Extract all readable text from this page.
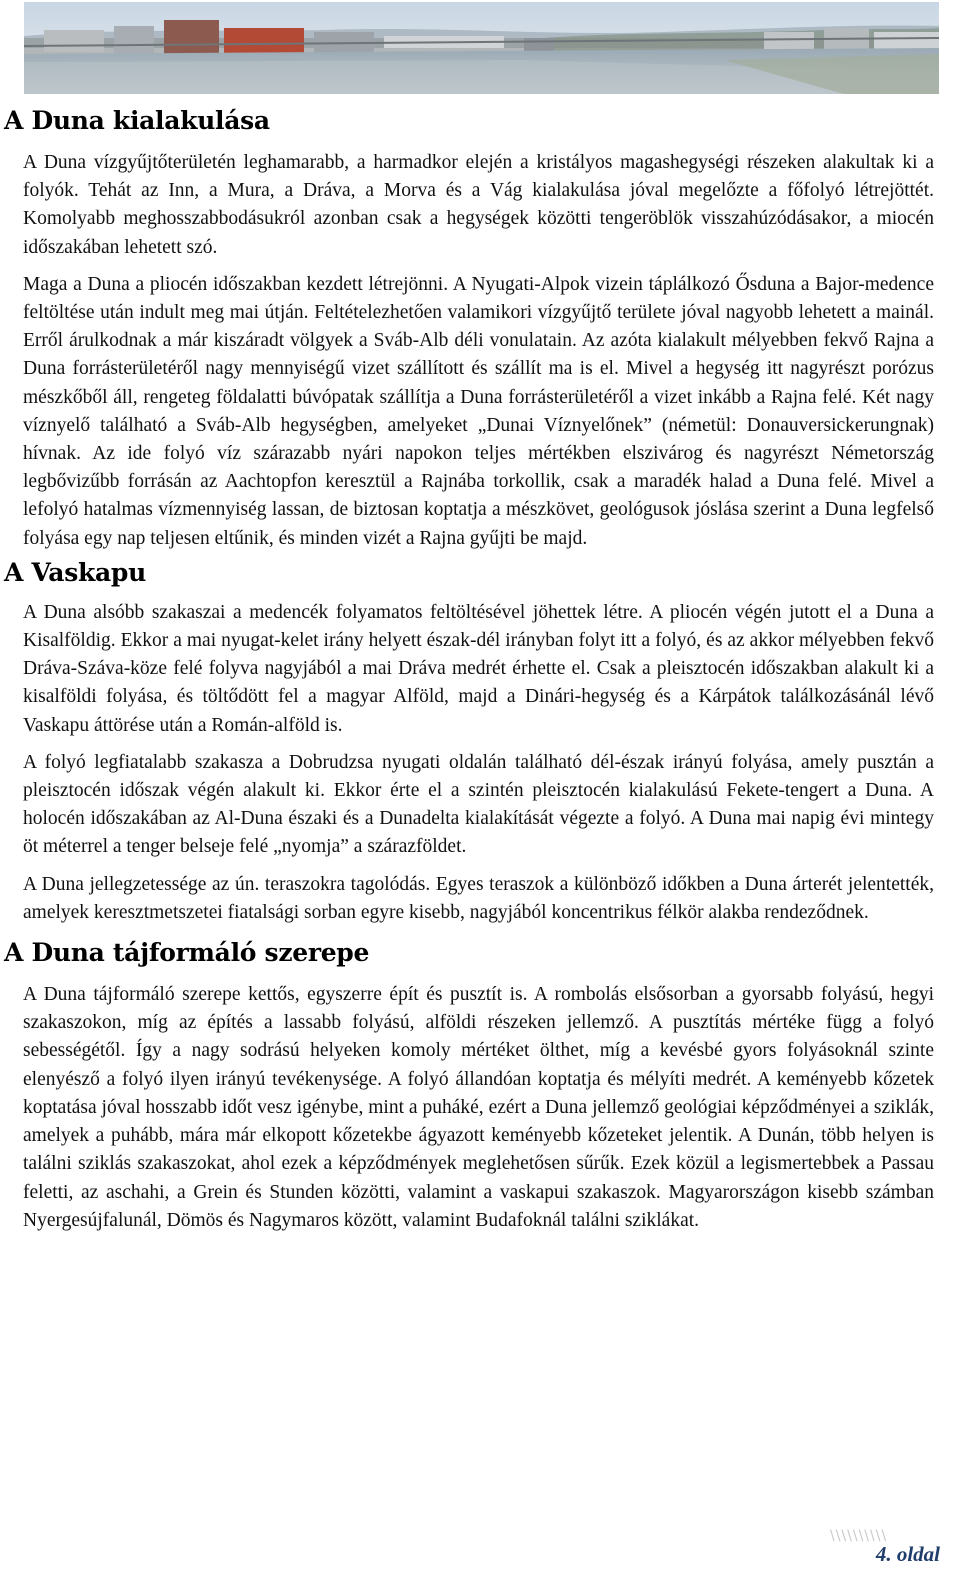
A Duna kialakulása

A Duna vízgyűjtőterületén leghamarabb, a harmadkor elején a kristályos magashegységi részeken alakultak ki a folyók. Tehát az Inn, a Mura, a Dráva, a Morva és a Vág kialakulása jóval megelőzte a főfolyó létrejöttét. Komolyabb meghosszabbodásukról azonban csak a hegységek közötti tengeröblök visszahúzódásakor, a miocén időszakában lehetett szó.

Maga a Duna a pliocén időszakban kezdett létrejönni. A Nyugati-Alpok vizein táplálkozó Ősduna a Bajor-medence feltöltése után indult meg mai útján. Feltételezhetően valamikori vízgyűjtő területe jóval nagyobb lehetett a mainál. Erről árulkodnak a már kiszáradt völgyek a Sváb-Alb déli vonulatain. Az azóta kialakult mélyebben fekvő Rajna a Duna forrásterületéről nagy mennyiségű vizet szállított és szállít ma is el. Mivel a hegység itt nagyrészt porózus mészkőből áll, rengeteg földalatti búvópatak szállítja a Duna forrásterületéről a vizet inkább a Rajna felé. Két nagy víznyelő található a Sváb-Alb hegységben, amelyeket „Dunai Víznyelőnek” (németül: Donauversickerungnak) hívnak. Az ide folyó víz szárazabb nyári napokon teljes mértékben elszivárog és nagyrészt Németország legbővizűbb forrásán az Aachtopfon keresztül a Rajnába torkollik, csak a maradék halad a Duna felé. Mivel a lefolyó hatalmas vízmennyiség lassan, de biztosan koptatja a mészkövet, geológusok jóslása szerint a Duna legfelső folyása egy nap teljesen eltűnik, és minden vizét a Rajna gyűjti be majd.

A Vaskapu

A Duna alsóbb szakaszai a medencék folyamatos feltöltésével jöhettek létre. A pliocén végén jutott el a Duna a Kisalföldig. Ekkor a mai nyugat-kelet irány helyett észak-dél irányban folyt itt a folyó, és az akkor mélyebben fekvő Dráva-Száva-köze felé folyva nagyjából a mai Dráva medrét érhette el. Csak a pleisztocén időszakban alakult ki a kisalföldi folyása, és töltődött fel a magyar Alföld, majd a Dinári-hegység és a Kárpátok találkozásánál lévő Vaskapu áttörése után a Román-alföld is.

A folyó legfiatalabb szakasza a Dobrudzsa nyugati oldalán található dél-észak irányú folyása, amely pusztán a pleisztocén időszak végén alakult ki. Ekkor érte el a szintén pleisztocén kialakulású Fekete-tengert a Duna. A holocén időszakában az Al-Duna északi és a Dunadelta kialakítását végezte a folyó. A Duna mai napig évi mintegy öt méterrel a tenger belseje felé „nyomja” a szárazföldet.

A Duna jellegzetessége az ún. teraszokra tagolódás. Egyes teraszok a különböző időkben a Duna árterét jelentették, amelyek keresztmetszetei fiatalsági sorban egyre kisebb, nagyjából koncentrikus félkör alakba rendeződnek.

A Duna tájformáló szerepe

A Duna tájformáló szerepe kettős, egyszerre épít és pusztít is. A rombolás elsősorban a gyorsabb folyású, hegyi szakaszokon, míg az építés a lassabb folyású, alföldi részeken jellemző. A pusztítás mértéke függ a folyó sebességétől. Így a nagy sodrású helyeken komoly mértéket ölthet, míg a kevésbé gyors folyásoknál szinte elenyésző a folyó ilyen irányú tevékenysége. A folyó állandóan koptatja és mélyíti medrét. A keményebb kőzetek koptatása jóval hosszabb időt vesz igénybe, mint a puháké, ezért a Duna jellemző geológiai képződményei a sziklák, amelyek a puhább, mára már elkopott kőzetekbe ágyazott keményebb kőzeteket jelentik. A Dunán, több helyen is találni sziklás szakaszokat, ahol ezek a képződmények meglehetősen sűrűk. Ezek közül a legismertebbek a Passau feletti, az aschahi, a Grein és Stunden közötti, valamint a vaskapui szakaszok. Magyarországon kisebb számban Nyergesújfalunál, Dömös és Nagymaros között, valamint Budafoknál találni sziklákat.

\\\\\\\\\\
4. oldal
